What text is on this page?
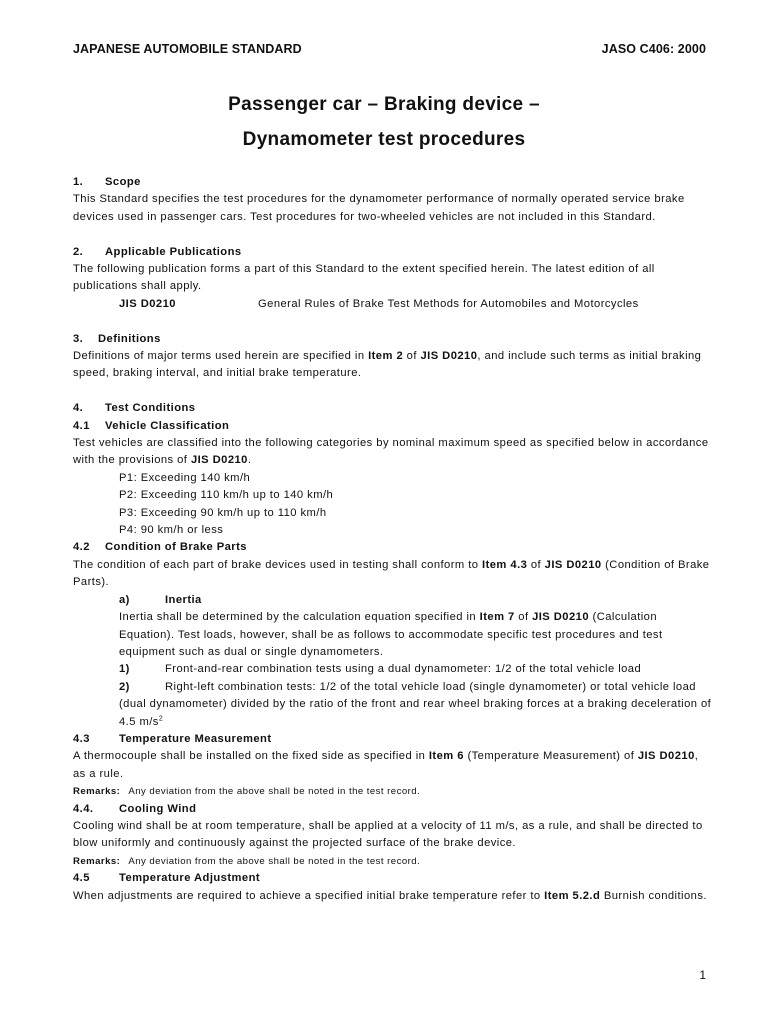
JAPANESE AUTOMOBILE STANDARD	JASO C406: 2000
Passenger car – Braking device –
Dynamometer test procedures

1. Scope

This Standard specifies the test procedures for the dynamometer performance of normally operated service brake devices used in passenger cars. Test procedures for two-wheeled vehicles are not included in this Standard.

2. Applicable Publications

The following publication forms a part of this Standard to the extent specified herein. The latest edition of all publications shall apply.

JIS D0210	General Rules of Brake Test Methods for Automobiles and Motorcycles

3. Definitions

Definitions of major terms used herein are specified in Item 2 of JIS D0210, and include such terms as initial braking speed, braking interval, and initial brake temperature.

4. Test Conditions

4.1 Vehicle Classification

Test vehicles are classified into the following categories by nominal maximum speed as specified below in accordance with the provisions of JIS D0210.

P1: Exceeding 140 km/h

P2: Exceeding 110 km/h up to 140 km/h

P3: Exceeding 90 km/h up to 110 km/h

P4: 90 km/h or less

4.2 Condition of Brake Parts

The condition of each part of brake devices used in testing shall conform to Item 4.3 of JIS D0210 (Condition of Brake Parts).

a)	Inertia

Inertia shall be determined by the calculation equation specified in Item 7 of JIS D0210 (Calculation Equation). Test loads, however, shall be as follows to accommodate specific test procedures and test equipment such as dual or single dynamometers.

1)	Front-and-rear combination tests using a dual dynamometer: 1/2 of the total vehicle load
2)	Right-left combination tests: 1/2 of the total vehicle load (single dynamometer) or total vehicle load (dual dynamometer) divided by the ratio of the front and rear wheel braking forces at a braking deceleration of 4.5 $m/s^2$

4.3	Temperature Measurement

A thermocouple shall be installed on the fixed side as specified in Item 6 (Temperature Measurement) of JIS D0210, as a rule.

Remarks: Any deviation from the above shall be noted in the test record.

4.4. Cooling Wind

Cooling wind shall be at room temperature, shall be applied at a velocity of 11 m/s, as a rule, and shall be directed to blow uniformly and continuously against the projected surface of the brake device.

Remarks: Any deviation from the above shall be noted in the test record.

4.5	Temperature Adjustment

When adjustments are required to achieve a specified initial brake temperature refer to Item 5.2.d Burnish conditions.

1
